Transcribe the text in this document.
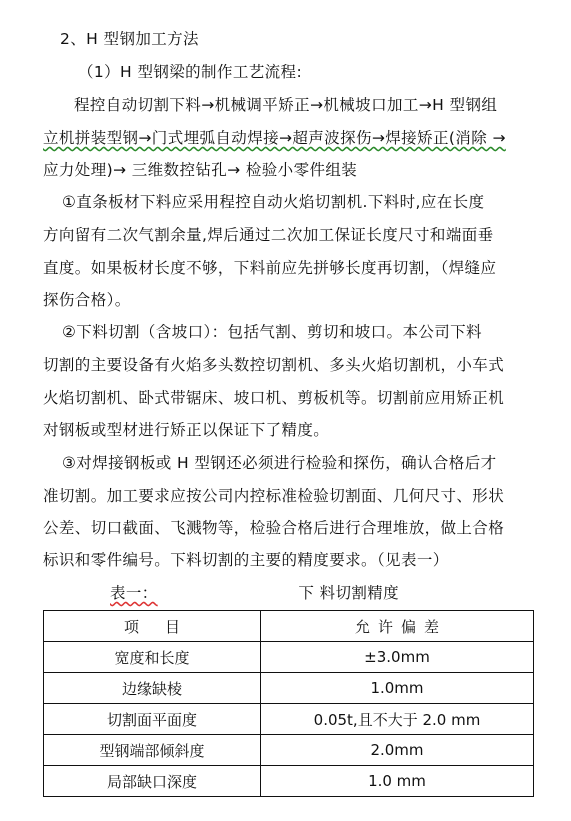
2、H 型钢加工方法
（1）H 型钢梁的制作工艺流程:
程控自动切割下料→机械调平矫正→机械坡口加工→H 型钢组
立机拼装型钢→门式埋弧自动焊接→超声波探伤→焊接矫正(消除 →
应力处理)→ 三维数控钻孔→ 检验小零件组装
①直条板材下料应采用程控自动火焰切割机.下料时,应在长度
方向留有二次气割余量,焊后通过二次加工保证长度尺寸和端面垂
直度。如果板材长度不够，下料前应先拼够长度再切割，（焊缝应
探伤合格）。
②下料切割（含坡口）：包括气割、剪切和坡口。本公司下料
切割的主要设备有火焰多头数控切割机、多头火焰切割机，小车式
火焰切割机、卧式带锯床、坡口机、剪板机等。切割前应用矫正机
对钢板或型材进行矫正以保证下了精度。
③对焊接钢板或 H 型钢还必须进行检验和探伤，确认合格后才
准切割。加工要求应按公司内控标准检验切割面、几何尺寸、形状
公差、切口截面、飞溅物等，检验合格后进行合理堆放，做上合格
标识和零件编号。下料切割的主要的精度要求。（见表一）
表一：	下 料切割精度
项目	允许偏差
宽度和长度	±3.0mm
边缘缺棱	1.0mm
切割面平面度	0.05t,且不大于 2.0 mm
型钢端部倾斜度	2.0mm
局部缺口深度	1.0 mm
